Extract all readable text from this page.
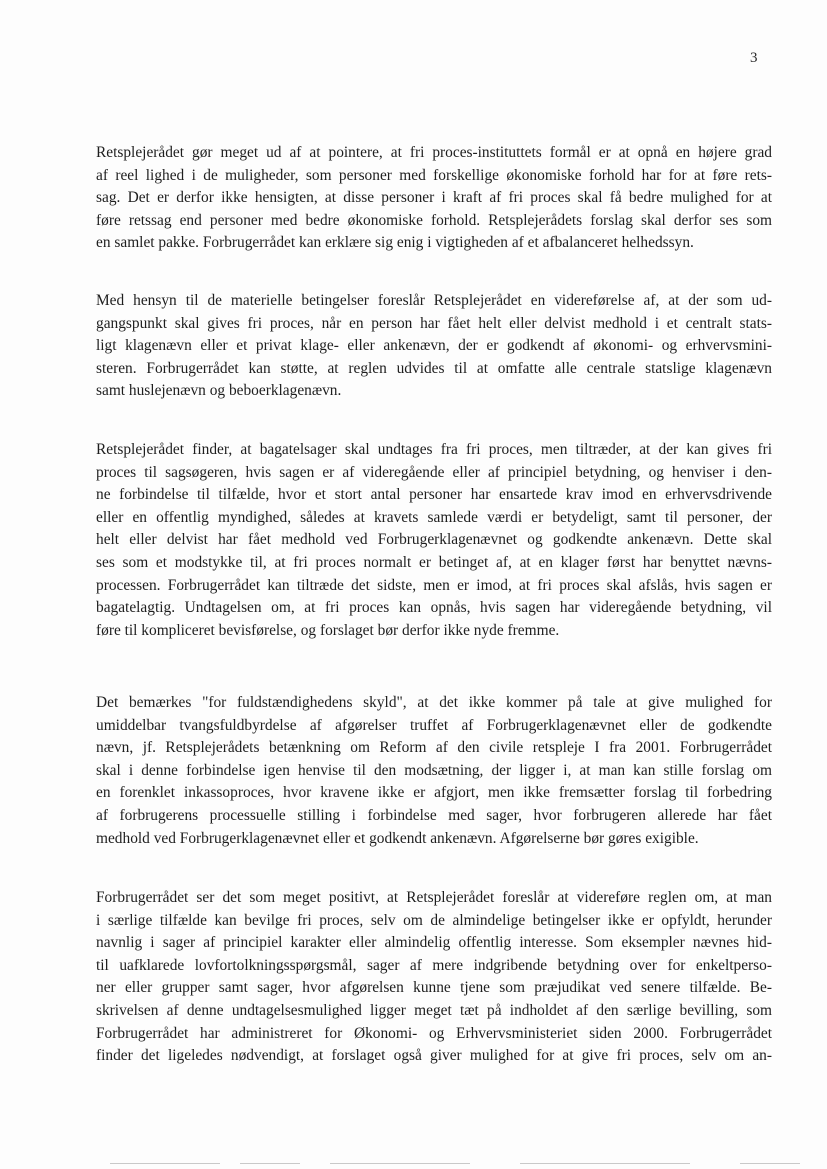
3
Retsplejerådet gør meget ud af at pointere, at fri proces-instituttets formål er at opnå en højere grad
af reel lighed i de muligheder, som personer med forskellige økonomiske forhold har for at føre rets-
sag. Det er derfor ikke hensigten, at disse personer i kraft af fri proces skal få bedre mulighed for at
føre retssag end personer med bedre økonomiske forhold. Retsplejerådets forslag skal derfor ses som
en samlet pakke. Forbrugerrådet kan erklære sig enig i vigtigheden af et afbalanceret helhedssyn.
Med hensyn til de materielle betingelser foreslår Retsplejerådet en videreførelse af, at der som ud-
gangspunkt skal gives fri proces, når en person har fået helt eller delvist medhold i et centralt stats-
ligt klagenævn eller et privat klage- eller ankenævn, der er godkendt af økonomi- og erhvervsmini-
steren. Forbrugerrådet kan støtte, at reglen udvides til at omfatte alle centrale statslige klagenævn
samt huslejenævn og beboerklagenævn.
Retsplejerådet finder, at bagatelsager skal undtages fra fri proces, men tiltræder, at der kan gives fri
proces til sagsøgeren, hvis sagen er af videregående eller af principiel betydning, og henviser i den-
ne forbindelse til tilfælde, hvor et stort antal personer har ensartede krav imod en erhvervsdrivende
eller en offentlig myndighed, således at kravets samlede værdi er betydeligt, samt til personer, der
helt eller delvist har fået medhold ved Forbrugerklagenævnet og godkendte ankenævn. Dette skal
ses som et modstykke til, at fri proces normalt er betinget af, at en klager først har benyttet nævns-
processen. Forbrugerrådet kan tiltræde det sidste, men er imod, at fri proces skal afslås, hvis sagen er
bagatelagtig. Undtagelsen om, at fri proces kan opnås, hvis sagen har videregående betydning, vil
føre til kompliceret bevisførelse, og forslaget bør derfor ikke nyde fremme.
Det bemærkes "for fuldstændighedens skyld", at det ikke kommer på tale at give mulighed for
umiddelbar tvangsfuldbyrdelse af afgørelser truffet af Forbrugerklagenævnet eller de godkendte
nævn, jf. Retsplejerådets betænkning om Reform af den civile retspleje I fra 2001. Forbrugerrådet
skal i denne forbindelse igen henvise til den modsætning, der ligger i, at man kan stille forslag om
en forenklet inkassoproces, hvor kravene ikke er afgjort, men ikke fremsætter forslag til forbedring
af forbrugerens processuelle stilling i forbindelse med sager, hvor forbrugeren allerede har fået
medhold ved Forbrugerklagenævnet eller et godkendt ankenævn. Afgørelserne bør gøres exigible.
Forbrugerrådet ser det som meget positivt, at Retsplejerådet foreslår at videreføre reglen om, at man
i særlige tilfælde kan bevilge fri proces, selv om de almindelige betingelser ikke er opfyldt, herunder
navnlig i sager af principiel karakter eller almindelig offentlig interesse. Som eksempler nævnes hid-
til uafklarede lovfortolkningsspørgsmål, sager af mere indgribende betydning over for enkeltperso-
ner eller grupper samt sager, hvor afgørelsen kunne tjene som præjudikat ved senere tilfælde. Be-
skrivelsen af denne undtagelsesmulighed ligger meget tæt på indholdet af den særlige bevilling, som
Forbrugerrådet har administreret for Økonomi- og Erhvervsministeriet siden 2000. Forbrugerrådet
finder det ligeledes nødvendigt, at forslaget også giver mulighed for at give fri proces, selv om an-
